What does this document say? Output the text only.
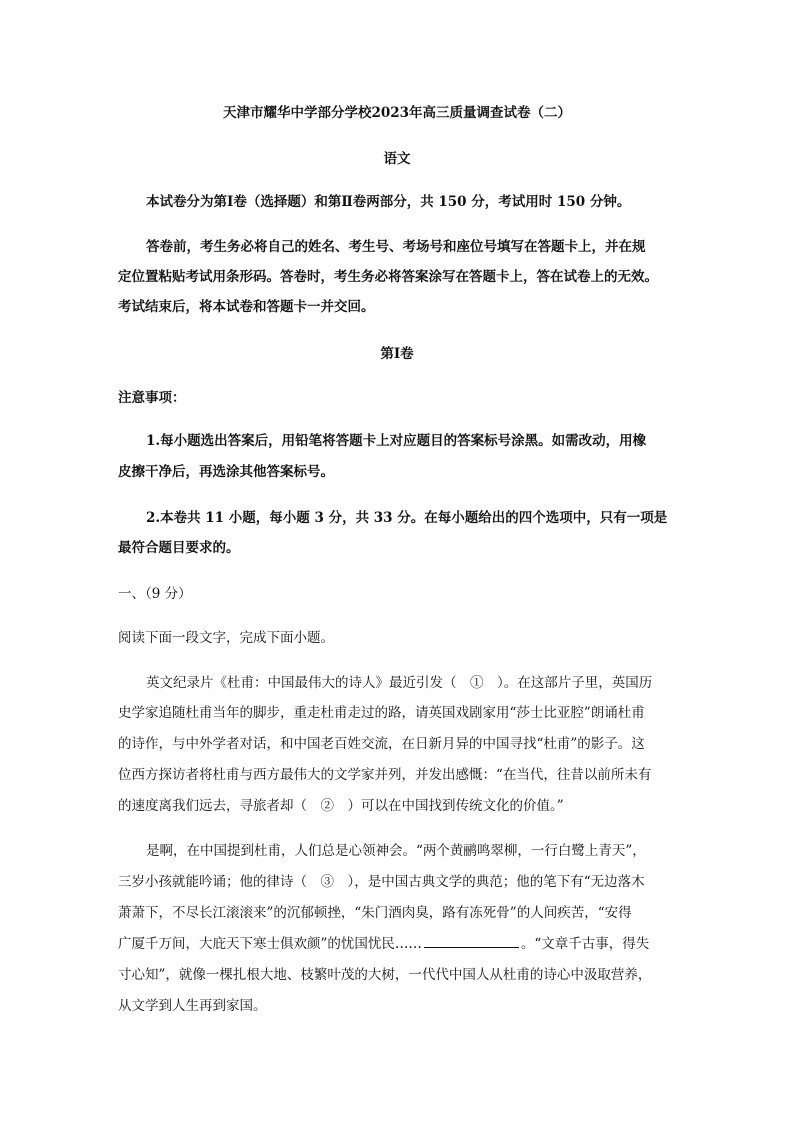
天津市耀华中学部分学校2023年高三质量调查试卷（二）
语文
本试卷分为第Ⅰ卷（选择题）和第Ⅱ卷两部分，共 150 分，考试用时 150 分钟。
答卷前，考生务必将自己的姓名、考生号、考场号和座位号填写在答题卡上，并在规
定位置粘贴考试用条形码。答卷时，考生务必将答案涂写在答题卡上，答在试卷上的无效。
考试结束后，将本试卷和答题卡一并交回。
第Ⅰ卷
注意事项：
1.每小题选出答案后，用铅笔将答题卡上对应题目的答案标号涂黑。如需改动，用橡
皮擦干净后，再选涂其他答案标号。
2.本卷共 11 小题，每小题 3 分，共 33 分。在每小题给出的四个选项中，只有一项是
最符合题目要求的。
一、（9 分）
阅读下面一段文字，完成下面小题。
英文纪录片《杜甫：中国最伟大的诗人》最近引发（　①　）。在这部片子里，英国历
史学家追随杜甫当年的脚步，重走杜甫走过的路，请英国戏剧家用“莎士比亚腔”朗诵杜甫
的诗作，与中外学者对话，和中国老百姓交流，在日新月异的中国寻找“杜甫”的影子。这
位西方探访者将杜甫与西方最伟大的文学家并列，并发出感慨：“在当代，往昔以前所未有
的速度离我们远去，寻旅者却（　②　）可以在中国找到传统文化的价值。”
是啊，在中国提到杜甫，人们总是心领神会。“两个黄鹂鸣翠柳，一行白鹭上青天”，
三岁小孩就能吟诵；他的律诗（　③　），是中国古典文学的典范；他的笔下有“无边落木
萧萧下，不尽长江滚滚来”的沉郁顿挫，“朱门酒肉臭，路有冻死骨”的人间疾苦，“安得
广厦千万间，大庇天下寒士俱欢颜”的忧国忧民……	。“文章千古事，得失
寸心知”，就像一棵扎根大地、枝繁叶茂的大树，一代代中国人从杜甫的诗心中汲取营养，
从文学到人生再到家国。
